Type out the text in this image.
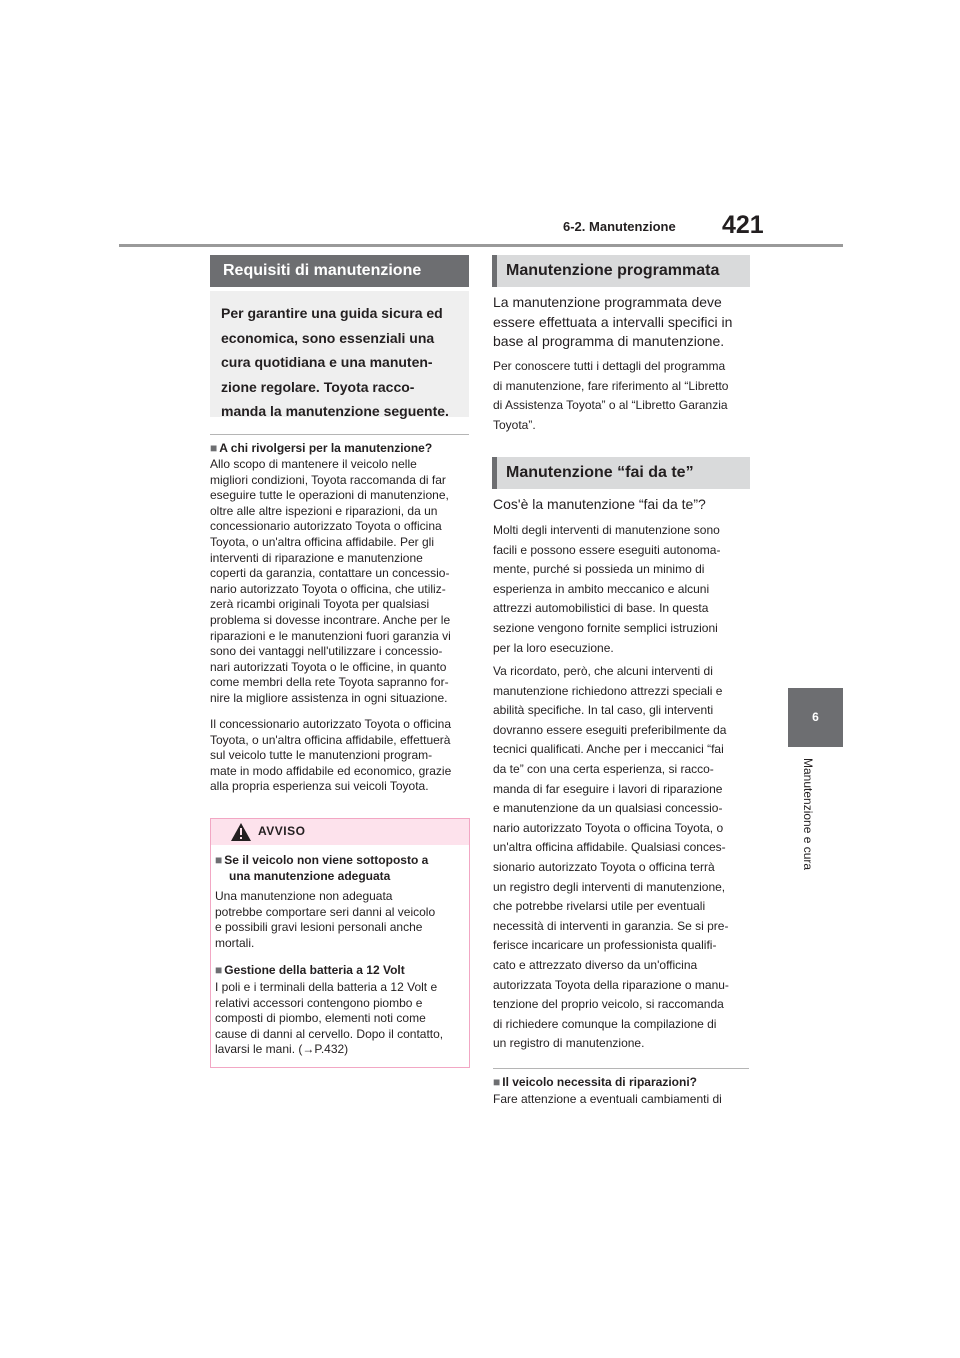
6-2. Manutenzione 421
6
Manutenzione e cura
Requisiti di manutenzione
Per garantire una guida sicura ed
economica, sono essenziali una
cura quotidiana e una manuten-
zione regolare. Toyota racco-
manda la manutenzione seguente.
■ A chi rivolgersi per la manutenzione?
Allo scopo di mantenere il veicolo nelle
migliori condizioni, Toyota raccomanda di far
eseguire tutte le operazioni di manutenzione,
oltre alle altre ispezioni e riparazioni, da un
concessionario autorizzato Toyota o officina
Toyota, o un'altra officina affidabile. Per gli
interventi di riparazione e manutenzione
coperti da garanzia, contattare un concessio-
nario autorizzato Toyota o officina, che utiliz-
zerà ricambi originali Toyota per qualsiasi
problema si dovesse incontrare. Anche per le
riparazioni e le manutenzioni fuori garanzia vi
sono dei vantaggi nell'utilizzare i concessio-
nari autorizzati Toyota o le officine, in quanto
come membri della rete Toyota sapranno for-
nire la migliore assistenza in ogni situazione.
Il concessionario autorizzato Toyota o officina
Toyota, o un'altra officina affidabile, effettuerà
sul veicolo tutte le manutenzioni program-
mate in modo affidabile ed economico, grazie
alla propria esperienza sui veicoli Toyota.
AVVISO
■ Se il veicolo non viene sottoposto a
una manutenzione adeguata
Una manutenzione non adeguata
potrebbe comportare seri danni al veicolo
e possibili gravi lesioni personali anche
mortali.
■ Gestione della batteria a 12 Volt
I poli e i terminali della batteria a 12 Volt e
relativi accessori contengono piombo e
composti di piombo, elementi noti come
cause di danni al cervello. Dopo il contatto,
lavarsi le mani. (→P.432)
Manutenzione programmata
La manutenzione programmata deve
essere effettuata a intervalli specifici in
base al programma di manutenzione.
Per conoscere tutti i dettagli del programma
di manutenzione, fare riferimento al “Libretto
di Assistenza Toyota” o al “Libretto Garanzia
Toyota”.
Manutenzione “fai da te”
Cos'è la manutenzione “fai da te”?
Molti degli interventi di manutenzione sono
facili e possono essere eseguiti autonoma-
mente, purché si possieda un minimo di
esperienza in ambito meccanico e alcuni
attrezzi automobilistici di base. In questa
sezione vengono fornite semplici istruzioni
per la loro esecuzione.
Va ricordato, però, che alcuni interventi di
manutenzione richiedono attrezzi speciali e
abilità specifiche. In tal caso, gli interventi
dovranno essere eseguiti preferibilmente da
tecnici qualificati. Anche per i meccanici “fai
da te” con una certa esperienza, si racco-
manda di far eseguire i lavori di riparazione
e manutenzione da un qualsiasi concessio-
nario autorizzato Toyota o officina Toyota, o
un'altra officina affidabile. Qualsiasi conces-
sionario autorizzato Toyota o officina terrà
un registro degli interventi di manutenzione,
che potrebbe rivelarsi utile per eventuali
necessità di interventi in garanzia. Se si pre-
ferisce incaricare un professionista qualifi-
cato e attrezzato diverso da un'officina
autorizzata Toyota della riparazione o manu-
tenzione del proprio veicolo, si raccomanda
di richiedere comunque la compilazione di
un registro di manutenzione.
■ Il veicolo necessita di riparazioni?
Fare attenzione a eventuali cambiamenti di
